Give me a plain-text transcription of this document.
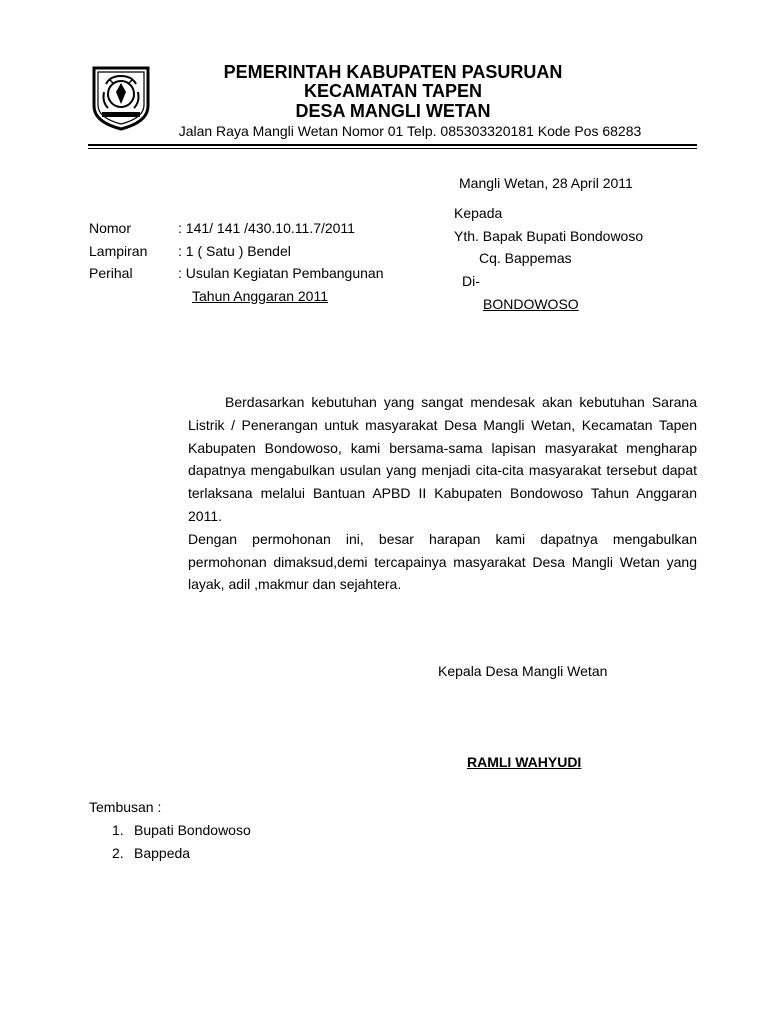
PEMERINTAH KABUPATEN PASURUAN
KECAMATAN TAPEN
DESA MANGLI WETAN
Jalan Raya Mangli Wetan Nomor 01 Telp. 085303320181 Kode Pos 68283
Mangli Wetan, 28 April 2011
Nomor	: 141/ 141 /430.10.11.7/2011
Lampiran : 1 ( Satu ) Bendel
Perihal	: Usulan Kegiatan Pembangunan
Tahun Anggaran 2011
Kepada
Yth. Bapak Bupati Bondowoso
Cq. Bappemas
Di-
BONDOWOSO

Berdasarkan kebutuhan yang sangat mendesak akan kebutuhan Sarana Listrik / Penerangan untuk masyarakat Desa Mangli Wetan, Kecamatan Tapen Kabupaten Bondowoso, kami bersama-sama lapisan masyarakat mengharap dapatnya mengabulkan usulan yang menjadi cita-cita masyarakat tersebut dapat terlaksana melalui Bantuan APBD II Kabupaten Bondowoso Tahun Anggaran 2011.

Dengan permohonan ini, besar harapan kami dapatnya mengabulkan permohonan dimaksud,demi tercapainya masyarakat Desa Mangli Wetan yang layak, adil ,makmur dan sejahtera.

Kepala Desa Mangli Wetan
RAMLI WAHYUDI
Tembusan :
1. Bupati Bondowoso
2. Bappeda
